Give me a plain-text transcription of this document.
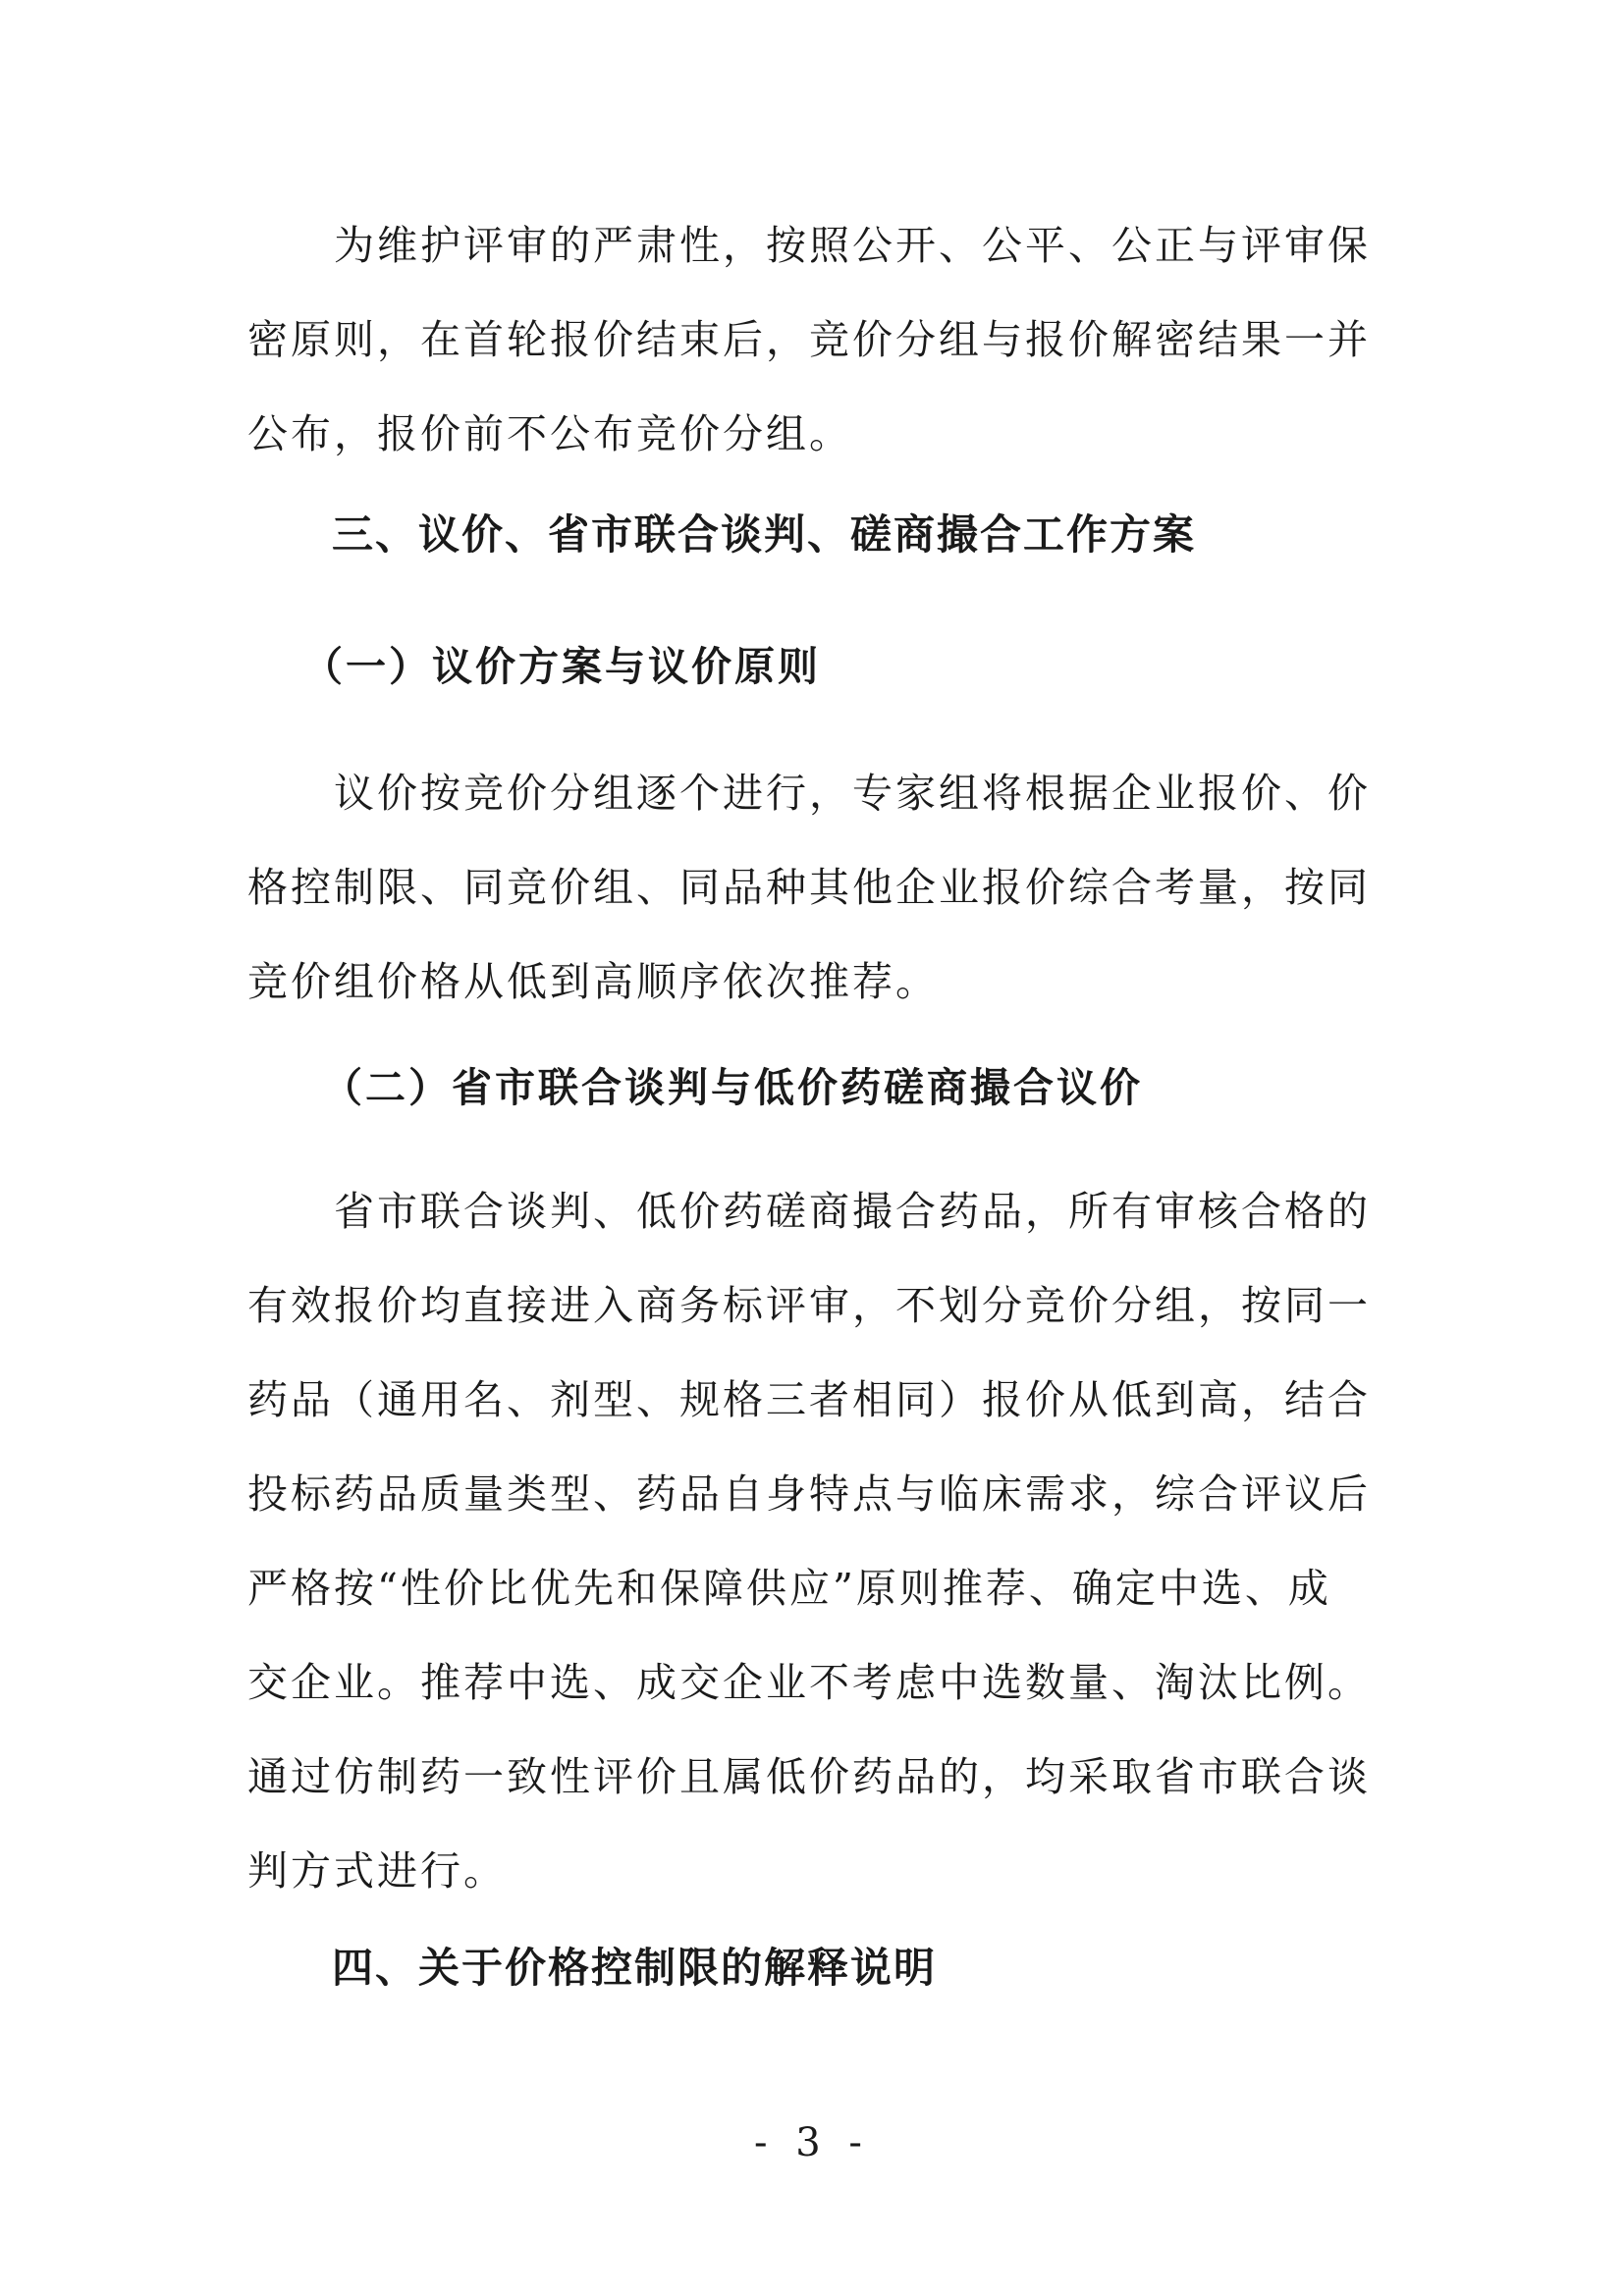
　　为维护评审的严肃性，按照公开、公平、公正与评审保
密原则，在首轮报价结束后，竞价分组与报价解密结果一并
公布，报价前不公布竞价分组。

三、议价、省市联合谈判、磋商撮合工作方案
（一）议价方案与议价原则

　　议价按竞价分组逐个进行，专家组将根据企业报价、价
格控制限、同竞价组、同品种其他企业报价综合考量，按同
竞价组价格从低到高顺序依次推荐。

（二）省市联合谈判与低价药磋商撮合议价

　　省市联合谈判、低价药磋商撮合药品，所有审核合格的
有效报价均直接进入商务标评审，不划分竞价分组，按同一
药品（通用名、剂型、规格三者相同）报价从低到高，结合
投标药品质量类型、药品自身特点与临床需求，综合评议后
严格按“性价比优先和保障供应”原则推荐、确定中选、成
交企业。推荐中选、成交企业不考虑中选数量、淘汰比例。
通过仿制药一致性评价且属低价药品的，均采取省市联合谈
判方式进行。

四、关于价格控制限的解释说明
- 3 -
